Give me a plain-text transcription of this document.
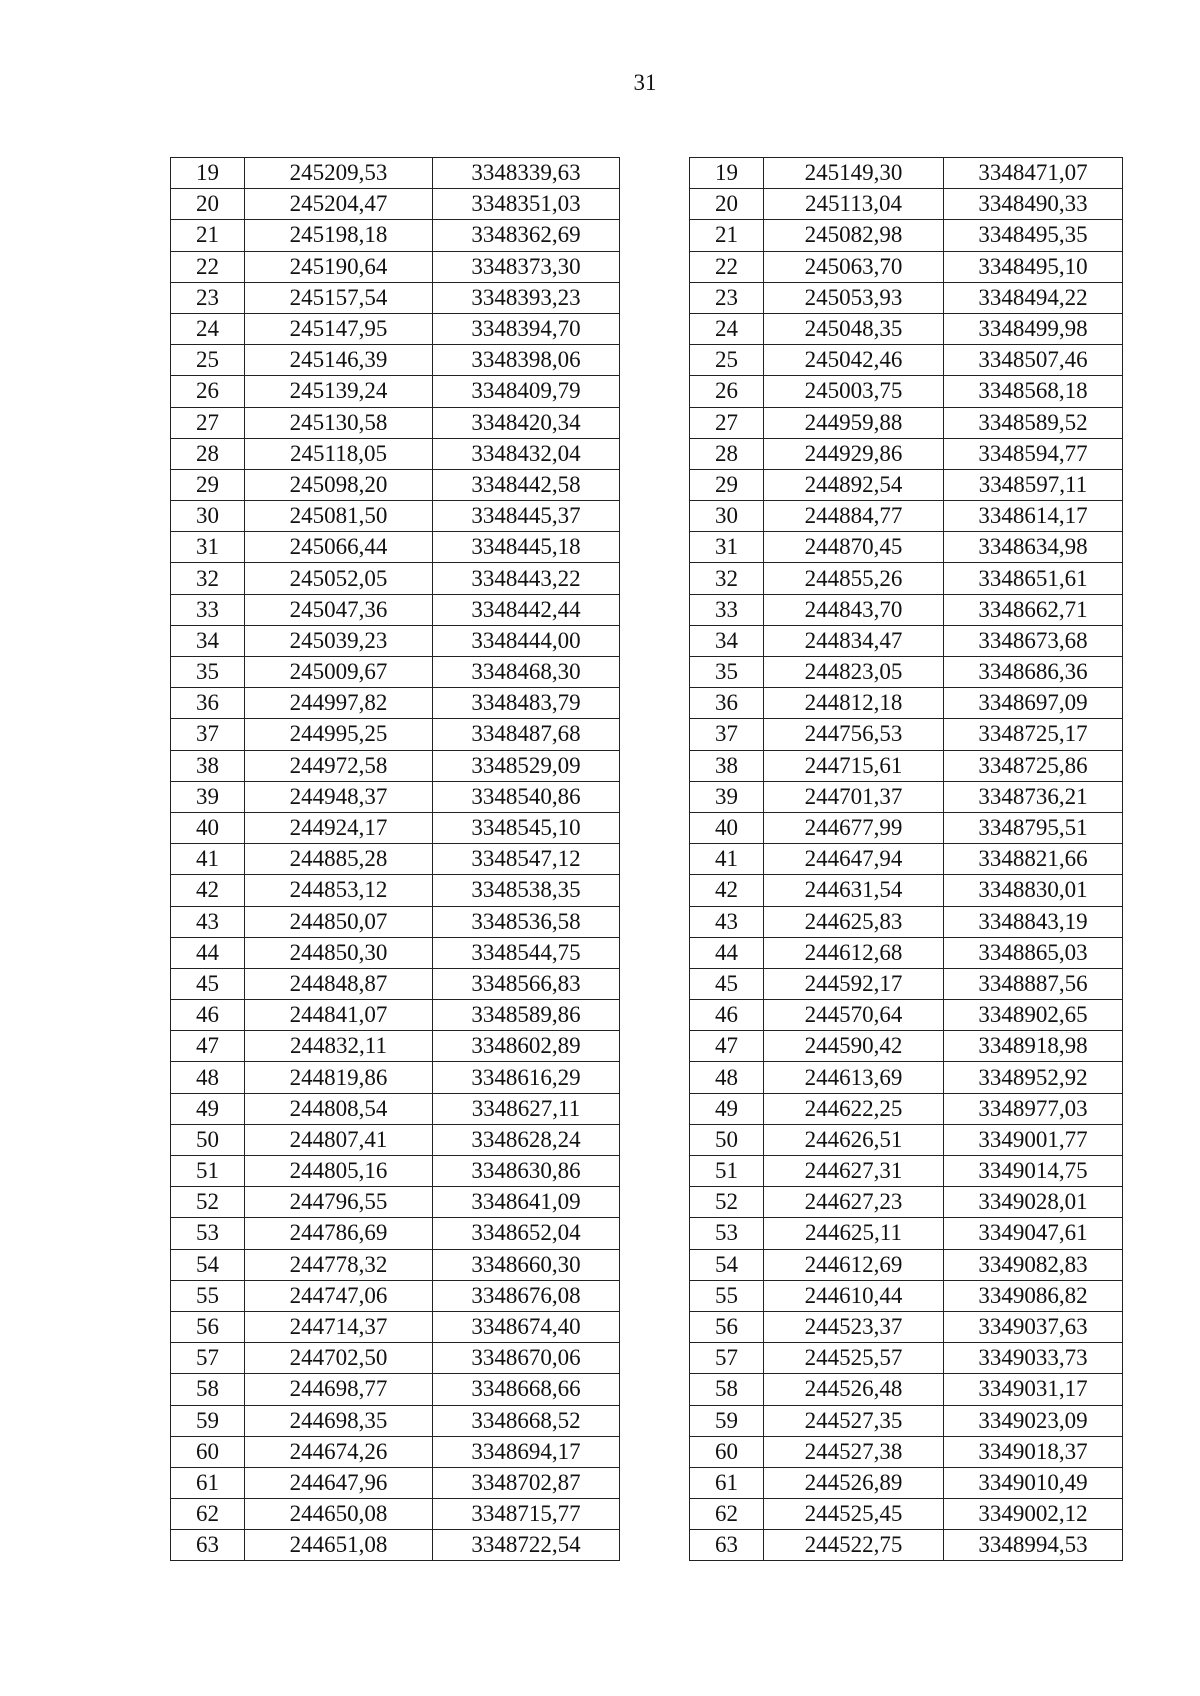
31
19	245209,53	3348339,63
20	245204,47	3348351,03
21	245198,18	3348362,69
22	245190,64	3348373,30
23	245157,54	3348393,23
24	245147,95	3348394,70
25	245146,39	3348398,06
26	245139,24	3348409,79
27	245130,58	3348420,34
28	245118,05	3348432,04
29	245098,20	3348442,58
30	245081,50	3348445,37
31	245066,44	3348445,18
32	245052,05	3348443,22
33	245047,36	3348442,44
34	245039,23	3348444,00
35	245009,67	3348468,30
36	244997,82	3348483,79
37	244995,25	3348487,68
38	244972,58	3348529,09
39	244948,37	3348540,86
40	244924,17	3348545,10
41	244885,28	3348547,12
42	244853,12	3348538,35
43	244850,07	3348536,58
44	244850,30	3348544,75
45	244848,87	3348566,83
46	244841,07	3348589,86
47	244832,11	3348602,89
48	244819,86	3348616,29
49	244808,54	3348627,11
50	244807,41	3348628,24
51	244805,16	3348630,86
52	244796,55	3348641,09
53	244786,69	3348652,04
54	244778,32	3348660,30
55	244747,06	3348676,08
56	244714,37	3348674,40
57	244702,50	3348670,06
58	244698,77	3348668,66
59	244698,35	3348668,52
60	244674,26	3348694,17
61	244647,96	3348702,87
62	244650,08	3348715,77
63	244651,08	3348722,54
19	245149,30	3348471,07
20	245113,04	3348490,33
21	245082,98	3348495,35
22	245063,70	3348495,10
23	245053,93	3348494,22
24	245048,35	3348499,98
25	245042,46	3348507,46
26	245003,75	3348568,18
27	244959,88	3348589,52
28	244929,86	3348594,77
29	244892,54	3348597,11
30	244884,77	3348614,17
31	244870,45	3348634,98
32	244855,26	3348651,61
33	244843,70	3348662,71
34	244834,47	3348673,68
35	244823,05	3348686,36
36	244812,18	3348697,09
37	244756,53	3348725,17
38	244715,61	3348725,86
39	244701,37	3348736,21
40	244677,99	3348795,51
41	244647,94	3348821,66
42	244631,54	3348830,01
43	244625,83	3348843,19
44	244612,68	3348865,03
45	244592,17	3348887,56
46	244570,64	3348902,65
47	244590,42	3348918,98
48	244613,69	3348952,92
49	244622,25	3348977,03
50	244626,51	3349001,77
51	244627,31	3349014,75
52	244627,23	3349028,01
53	244625,11	3349047,61
54	244612,69	3349082,83
55	244610,44	3349086,82
56	244523,37	3349037,63
57	244525,57	3349033,73
58	244526,48	3349031,17
59	244527,35	3349023,09
60	244527,38	3349018,37
61	244526,89	3349010,49
62	244525,45	3349002,12
63	244522,75	3348994,53
